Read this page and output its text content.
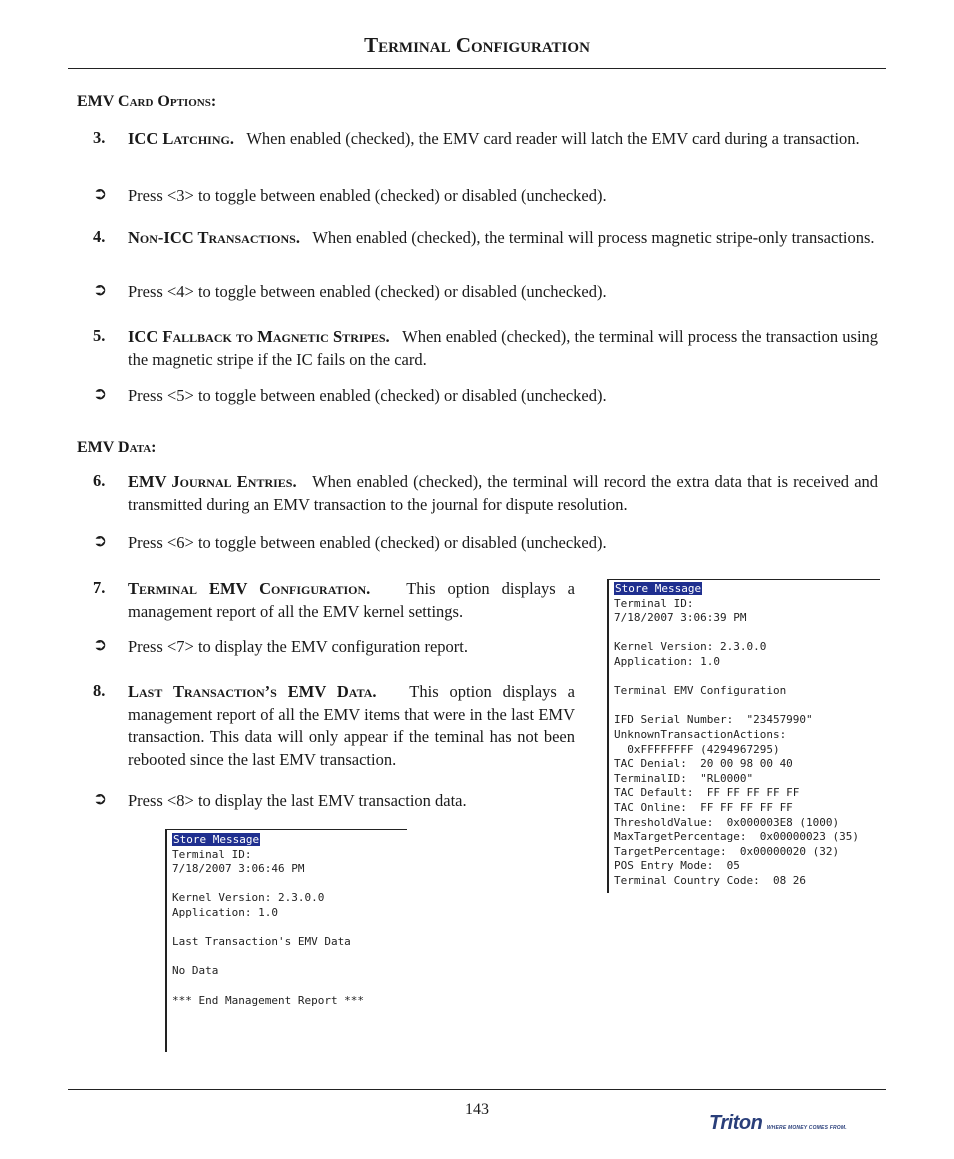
Terminal Configuration
EMV Card Options:
3. ICC Latching. When enabled (checked), the EMV card reader will latch the EMV card during a transaction.
➲ Press <3> to toggle between enabled (checked) or disabled (unchecked).
4. Non-ICC Transactions. When enabled (checked), the terminal will process magnetic stripe-only transactions.
➲ Press <4> to toggle between enabled (checked) or disabled (unchecked).
5. ICC Fallback to Magnetic Stripes. When enabled (checked), the terminal will process the transaction using the magnetic stripe if the IC fails on the card.
➲ Press <5> to toggle between enabled (checked) or disabled (unchecked).
EMV Data:
6. EMV Journal Entries. When enabled (checked), the terminal will record the extra data that is received and transmitted during an EMV transaction to the journal for dispute resolution.
➲ Press <6> to toggle between enabled (checked) or disabled (unchecked).
7. Terminal EMV Configuration. This option displays a management report of all the EMV kernel settings.
➲ Press <7> to display the EMV configuration report.
8. Last Transaction’s EMV Data. This option displays a management report of all the EMV items that were in the last EMV transaction. This data will only appear if the teminal has not been rebooted since the last EMV transaction.
➲ Press <8> to display the last EMV transaction data.
Store Message
Terminal ID:
7/18/2007 3:06:39 PM
Kernel Version: 2.3.0.0
Application: 1.0
Terminal EMV Configuration
IFD Serial Number:  "23457990"
UnknownTransactionActions:
0xFFFFFFFF (4294967295)
TAC Denial:  20 00 98 00 40
TerminalID:  "RL0000"
TAC Default:  FF FF FF FF FF
TAC Online:  FF FF FF FF FF
ThresholdValue:  0x000003E8 (1000)
MaxTargetPercentage:  0x00000023 (35)
TargetPercentage:  0x00000020 (32)
POS Entry Mode:  05
Terminal Country Code:  08 26
Store Message
Terminal ID:
7/18/2007 3:06:46 PM
Kernel Version: 2.3.0.0
Application: 1.0
Last Transaction's EMV Data
No Data
*** End Management Report ***
143
Triton WHERE MONEY COMES FROM.
